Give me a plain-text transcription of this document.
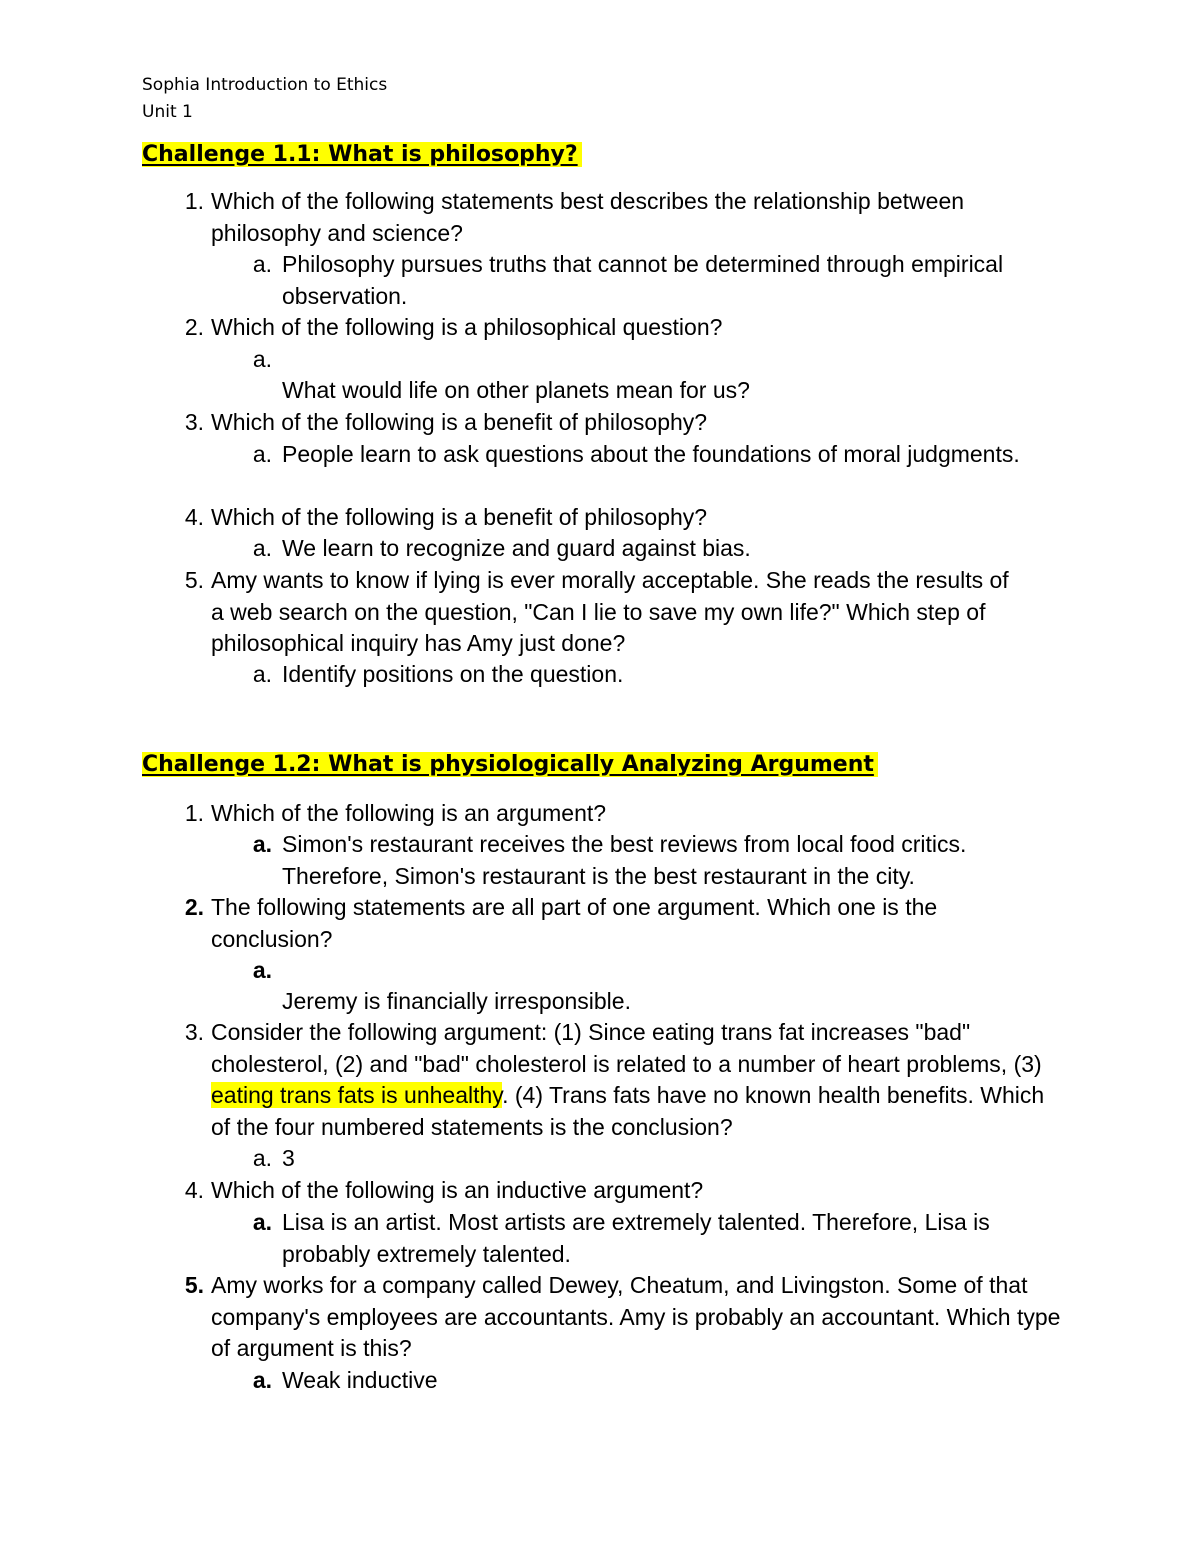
Sophia Introduction to Ethics
Unit 1
Challenge 1.1: What is philosophy?
1. Which of the following statements best describes the relationship between philosophy and science?
a. Philosophy pursues truths that cannot be determined through empirical observation.
2. Which of the following is a philosophical question?
a.
What would life on other planets mean for us?
3. Which of the following is a benefit of philosophy?
a. People learn to ask questions about the foundations of moral judgments.
4. Which of the following is a benefit of philosophy?
a. We learn to recognize and guard against bias.
5. Amy wants to know if lying is ever morally acceptable. She reads the results of a web search on the question, "Can I lie to save my own life?" Which step of philosophical inquiry has Amy just done?
a. Identify positions on the question.
Challenge 1.2: What is physiologically Analyzing Argument
1. Which of the following is an argument?
a. Simon's restaurant receives the best reviews from local food critics. Therefore, Simon's restaurant is the best restaurant in the city.
2. The following statements are all part of one argument. Which one is the conclusion?
a.
Jeremy is financially irresponsible.
3. Consider the following argument: (1) Since eating trans fat increases "bad" cholesterol, (2) and "bad" cholesterol is related to a number of heart problems, (3) eating trans fats is unhealthy. (4) Trans fats have no known health benefits. Which of the four numbered statements is the conclusion?
a. 3
4. Which of the following is an inductive argument?
a. Lisa is an artist. Most artists are extremely talented. Therefore, Lisa is probably extremely talented.
5. Amy works for a company called Dewey, Cheatum, and Livingston. Some of that company's employees are accountants. Amy is probably an accountant. Which type of argument is this?
a. Weak inductive
